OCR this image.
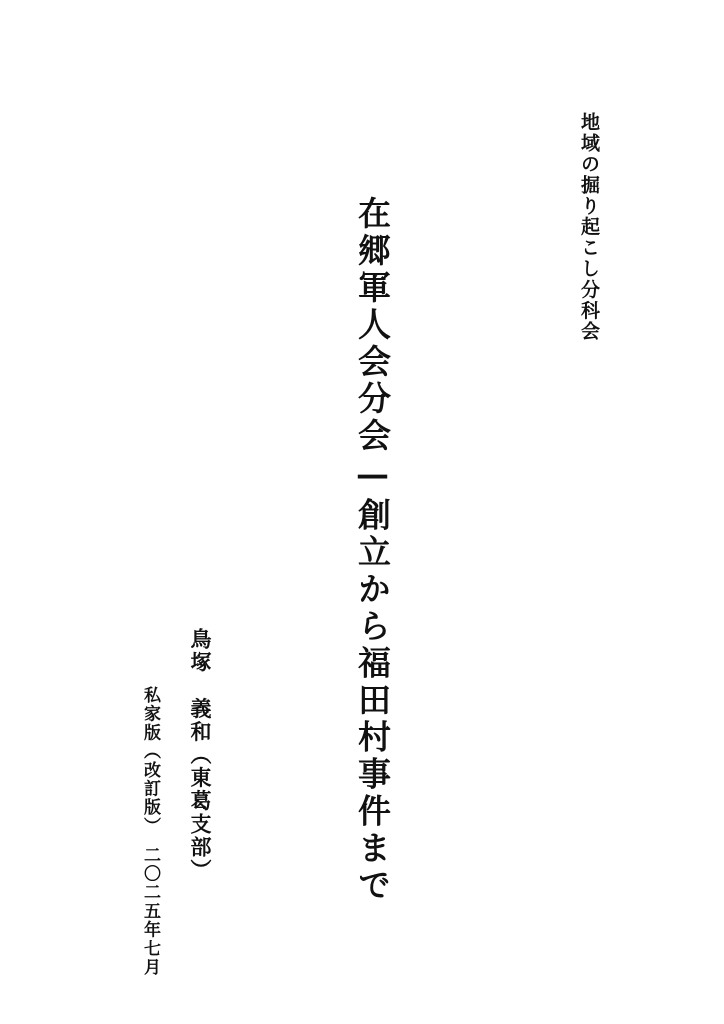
地域の掘り起こし分科会
在郷軍人会分会—創立から福田村事件まで
鳥塚　義和（東葛支部）
私家版（改訂版）　二〇二五年七月
